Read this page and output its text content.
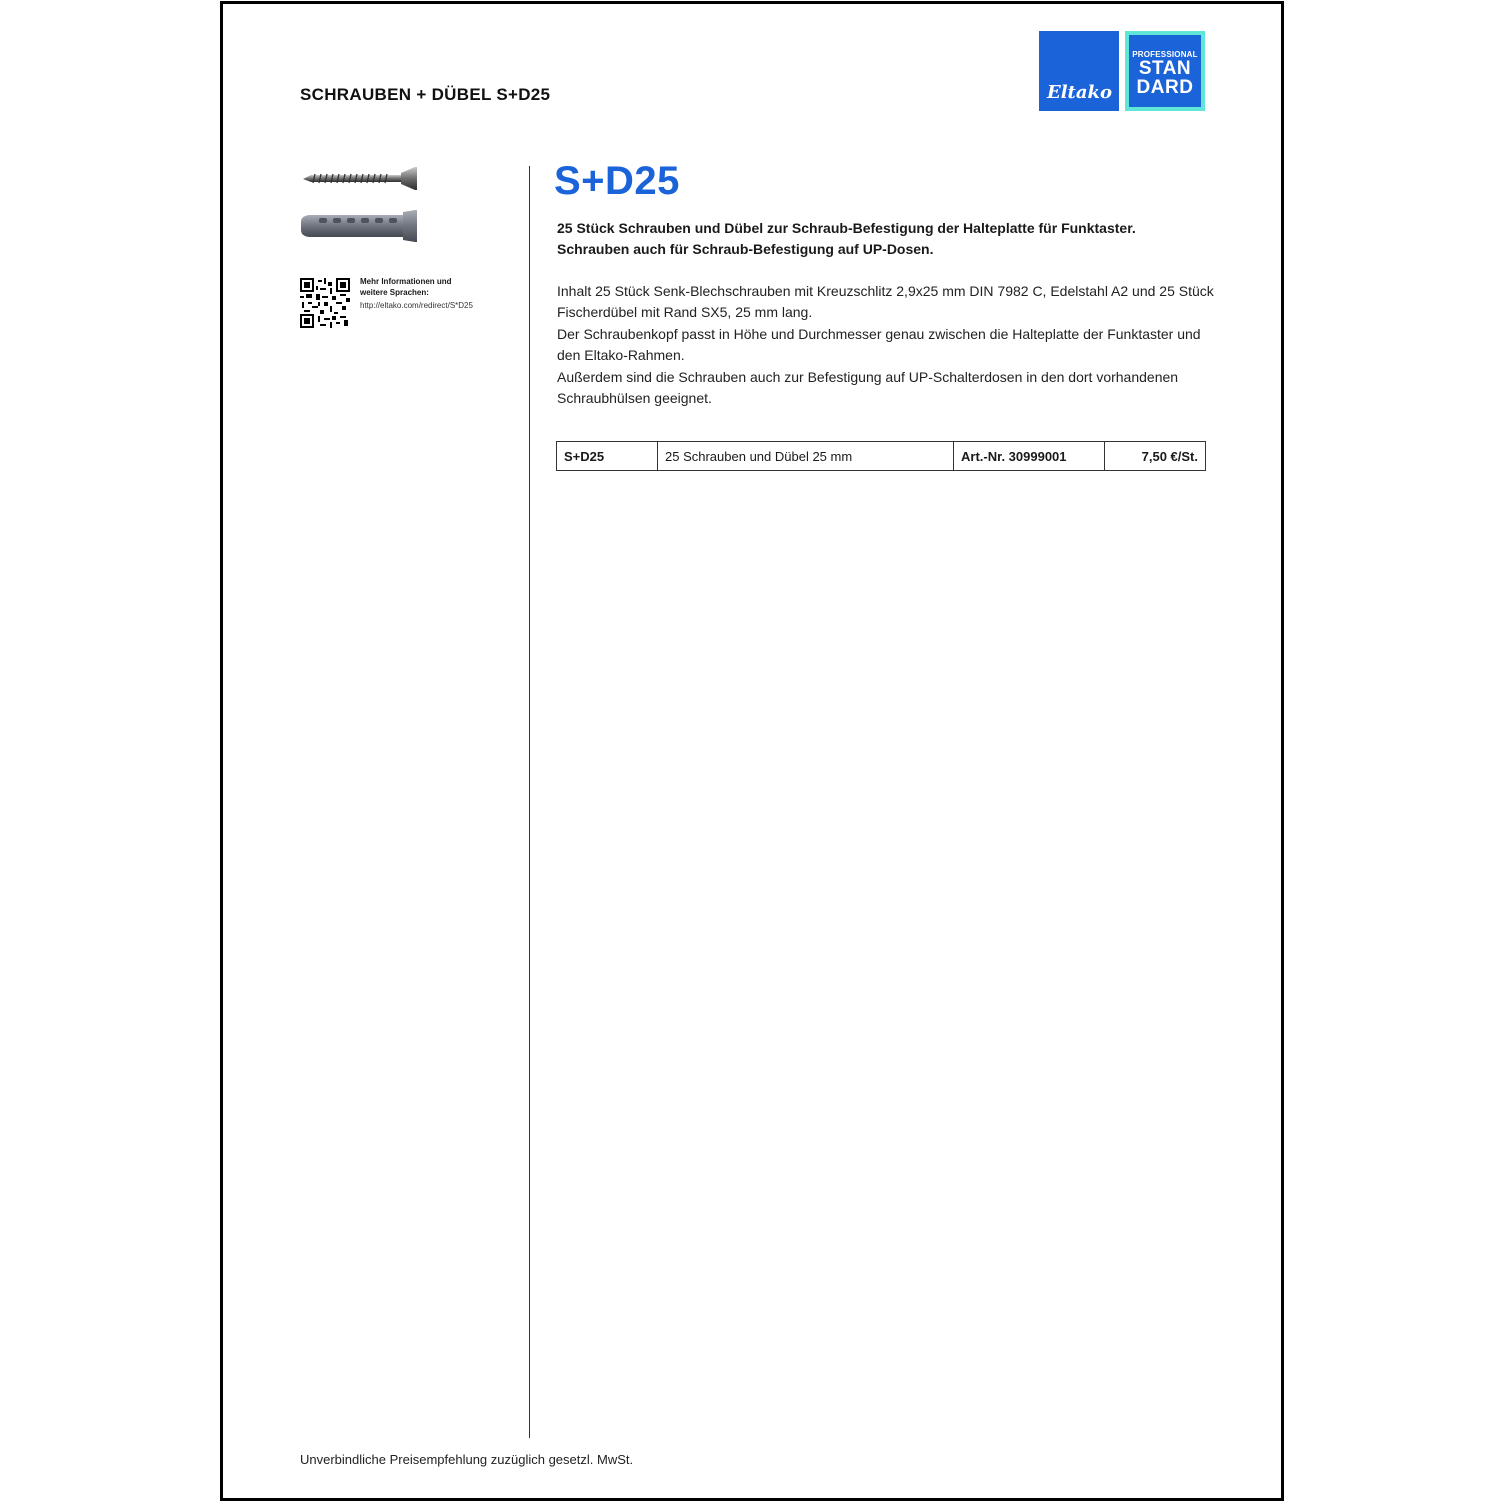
SCHRAUBEN + DÜBEL S+D25	Eltako
PROFESSIONAL
STAN
DARD
Mehr Informationen und
weitere Sprachen:
http://eltako.com/redirect/S*D25
S+D25
25 Stück Schrauben und Dübel zur Schraub-Befestigung der Halteplatte für Funktaster.
Schrauben auch für Schraub-Befestigung auf UP-Dosen.
Inhalt 25 Stück Senk-Blechschrauben mit Kreuzschlitz 2,9x25 mm DIN 7982 C, Edelstahl A2 und 25 Stück
Fischerdübel mit Rand SX5, 25 mm lang.
Der Schraubenkopf passt in Höhe und Durchmesser genau zwischen die Halteplatte der Funktaster und
den Eltako-Rahmen.
Außerdem sind die Schrauben auch zur Befestigung auf UP-Schalterdosen in den dort vorhandenen
Schraubhülsen geeignet.
S+D25	25 Schrauben und Dübel 25 mm	Art.-Nr. 30999001	7,50 €/St.
Unverbindliche Preisempfehlung zuzüglich gesetzl. MwSt.
